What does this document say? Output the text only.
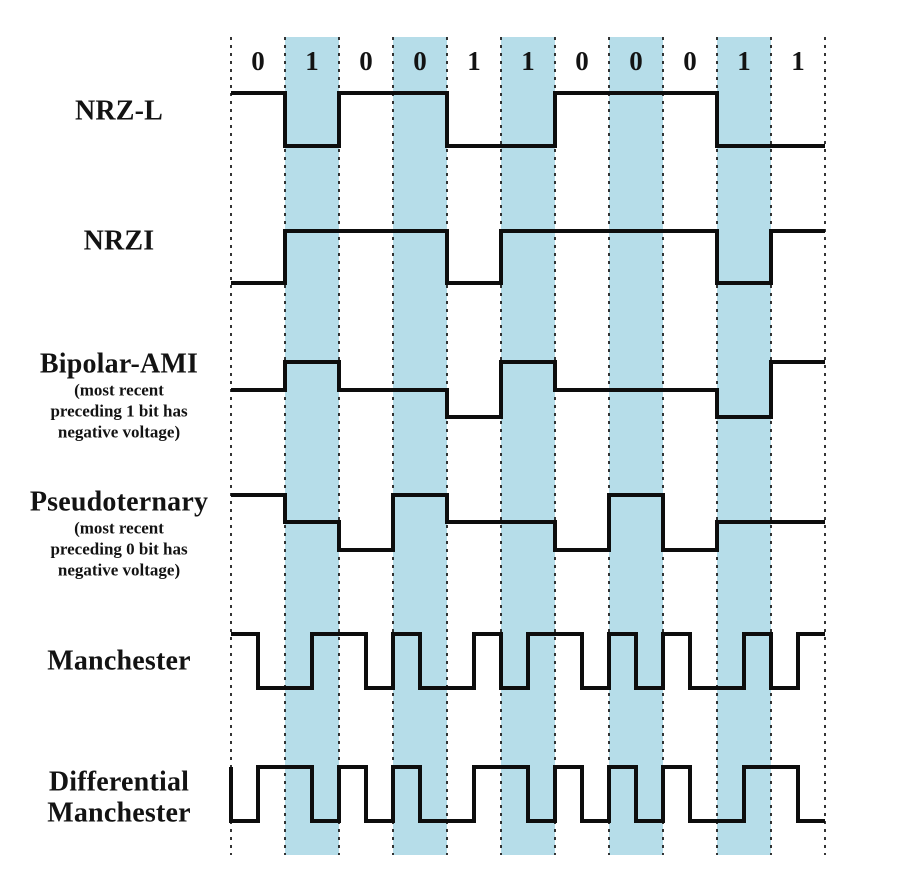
0 1 0 0 1 1 0 0 0 1 1
NRZ-L
NRZI
Bipolar-AMI
(most recent
preceding 1 bit has
negative voltage)
Pseudoternary
(most recent
preceding 0 bit has
negative voltage)
Manchester
Differential
Manchester
